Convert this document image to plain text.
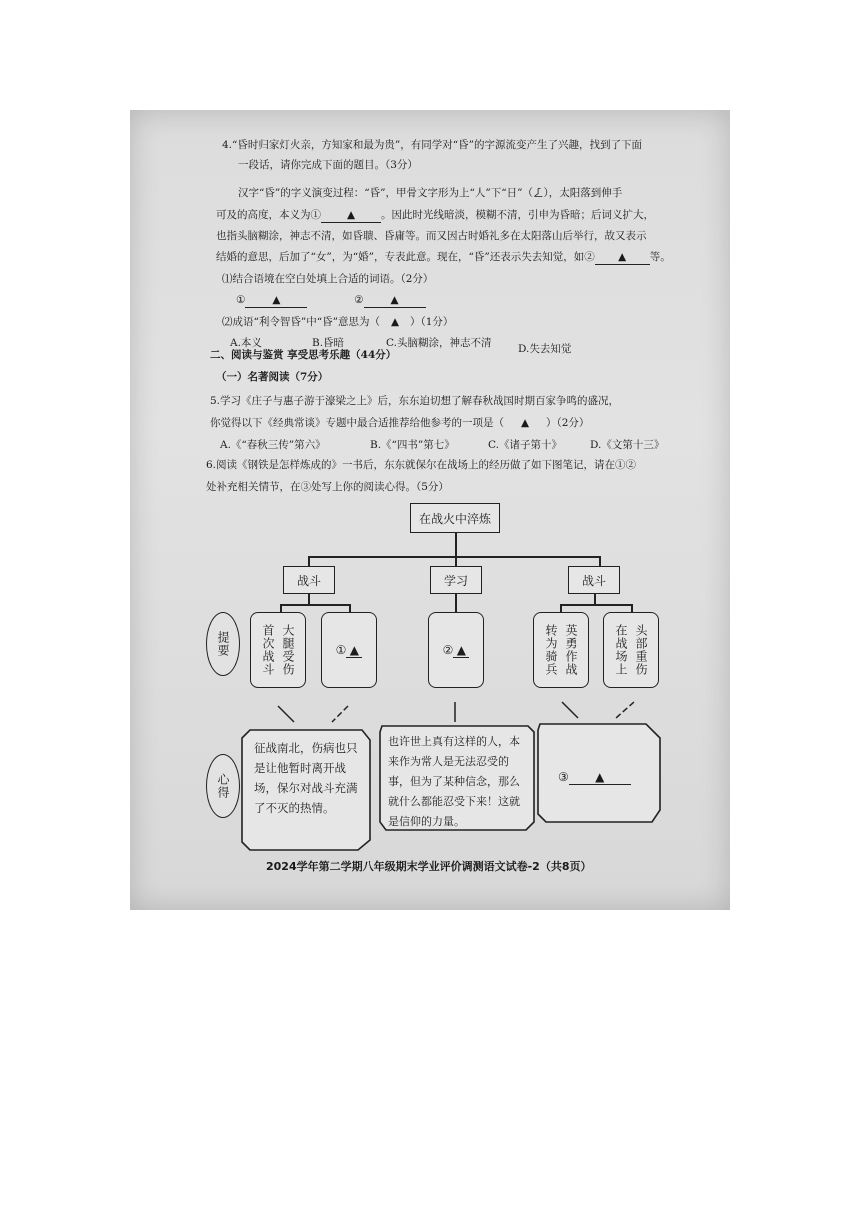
4.“昏时归家灯火亲，方知家和最为贵”，有同学对“昏”的字源流变产生了兴趣，找到了下面
一段话，请你完成下面的题目。（3分）
汉字“昏”的字义演变过程：“昏”，甲骨文字形为上“人”下“日”（𠄏），太阳落到伸手
可及的高度，本义为① ▲ 。因此时光线暗淡，模糊不清，引申为昏暗；后词义扩大，
也指头脑糊涂，神志不清，如昏聩、昏庸等。而又因古时婚礼多在太阳落山后举行，故又表示
结婚的意思，后加了“女”，为“婚”，专表此意。现在，“昏”还表示失去知觉，如② ▲ 等。
⑴结合语境在空白处填上合适的词语。（2分）
①	▲	②	▲
⑵成语“利令智昏”中“昏”意思为（ ▲ ）（1分）
A.本义	B.昏暗	C.头脑糊涂，神志不清	D.失去知觉
二、阅读与鉴赏 享受思考乐趣（44分）
（一）名著阅读（7分）
5.学习《庄子与惠子游于濠梁之上》后，东东迫切想了解春秋战国时期百家争鸣的盛况，
你觉得以下《经典常谈》专题中最合适推荐给他参考的一项是（ ▲ ）（2分）
A.《“春秋三传”第六》	B.《“四书”第七》	C.《诸子第十》	D.《文第十三》
6.阅读《钢铁是怎样炼成的》一书后，东东就保尔在战场上的经历做了如下图笔记，请在①②
处补充相关情节，在③处写上你的阅读心得。（5分）
在战火中淬炼
战斗	学习	战斗
提要	首次战斗 大腿受伤	① ▲	② ▲	转为骑兵 英勇作战	在战场上 头部重伤
心得
征战南北，伤病也只是让他暂时离开战场，保尔对战斗充满了不灭的热情。
也许世上真有这样的人，本来作为常人是无法忍受的事，但为了某种信念，那么就什么都能忍受下来！这就是信仰的力量。
③ ▲
2024学年第二学期八年级期末学业评价调测语文试卷-2（共8页）
